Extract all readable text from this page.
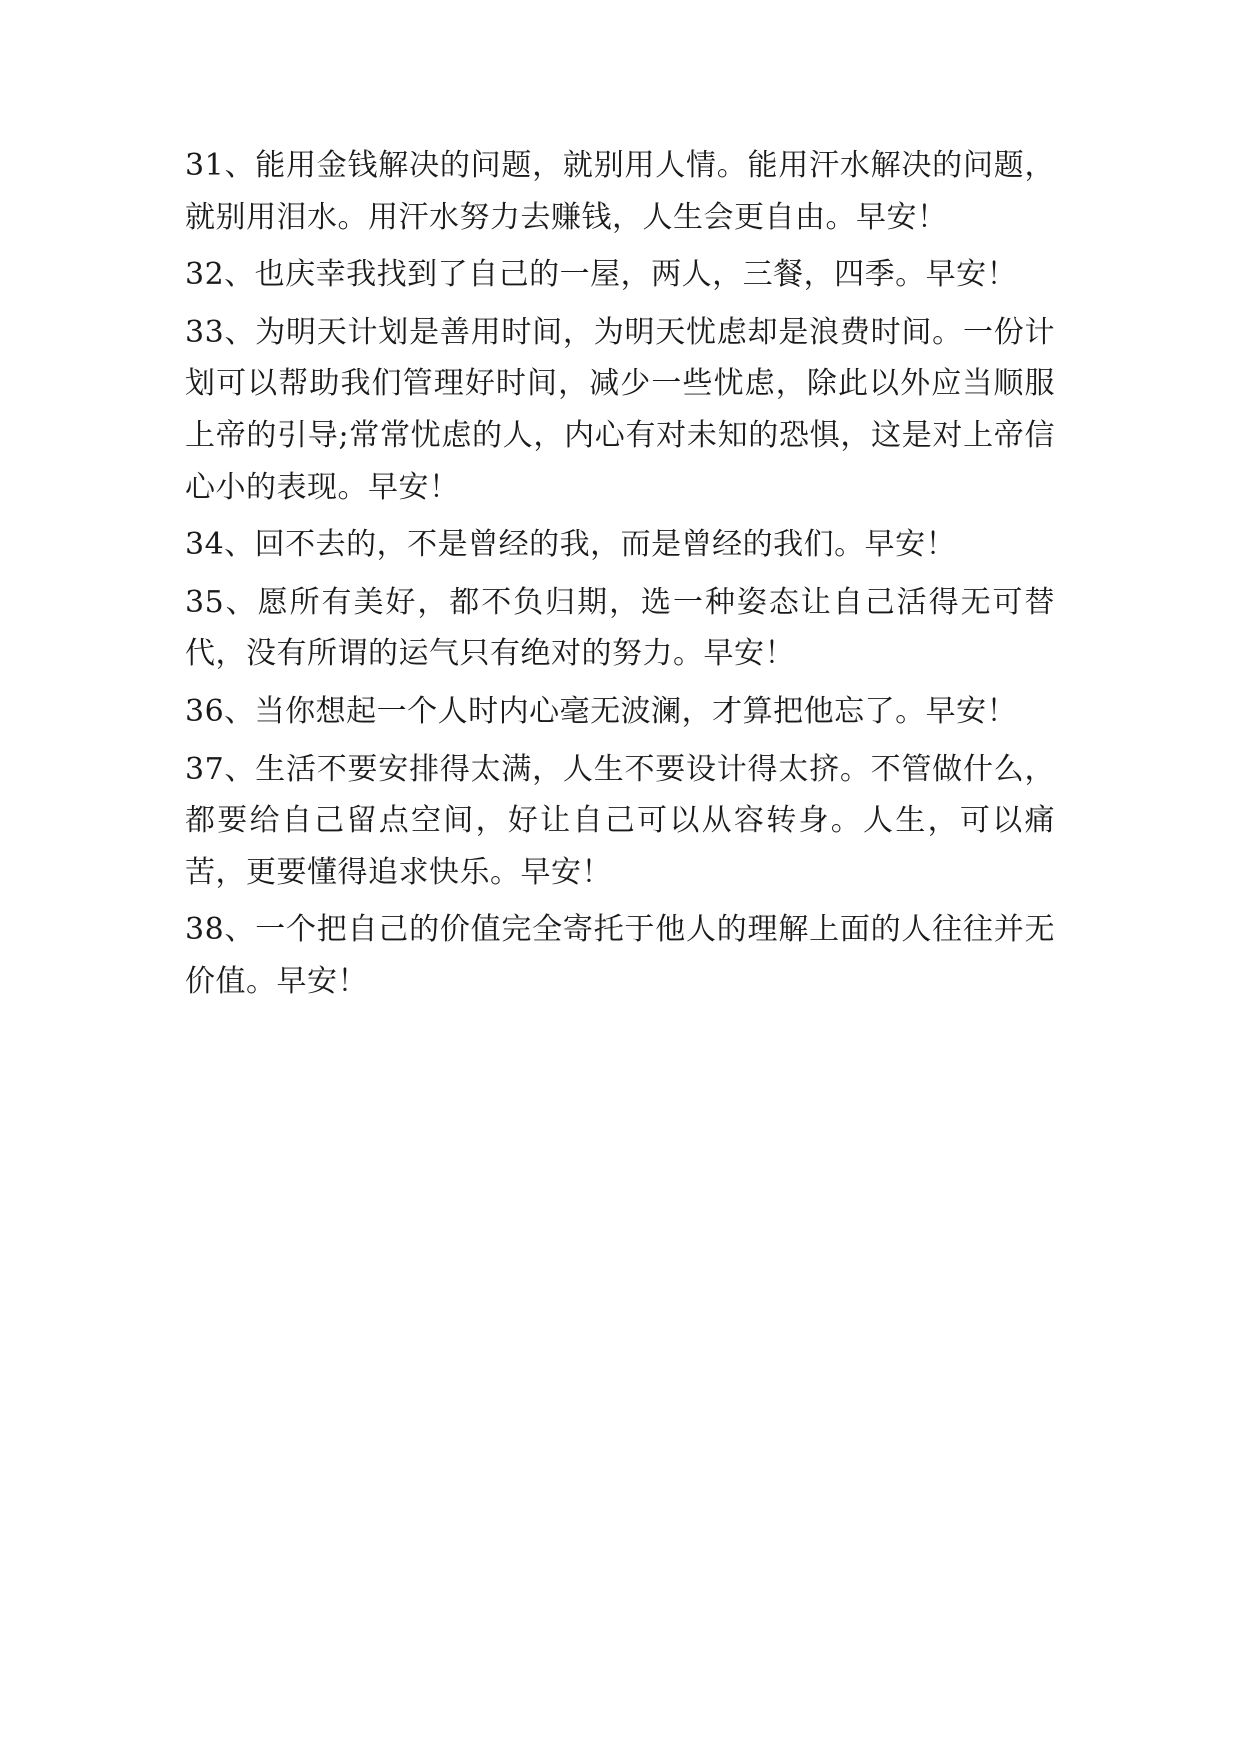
31、能用金钱解决的问题，就别用人情。能用汗水解决的问题，就别用泪水。用汗水努力去赚钱，人生会更自由。早安！

32、也庆幸我找到了自己的一屋，两人，三餐，四季。早安！

33、为明天计划是善用时间，为明天忧虑却是浪费时间。一份计划可以帮助我们管理好时间，减少一些忧虑，除此以外应当顺服上帝的引导;常常忧虑的人，内心有对未知的恐惧，这是对上帝信心小的表现。早安！

34、回不去的，不是曾经的我，而是曾经的我们。早安！

35、愿所有美好，都不负归期，选一种姿态让自己活得无可替代，没有所谓的运气只有绝对的努力。早安！

36、当你想起一个人时内心毫无波澜，才算把他忘了。早安！

37、生活不要安排得太满，人生不要设计得太挤。不管做什么，都要给自己留点空间，好让自己可以从容转身。人生，可以痛苦，更要懂得追求快乐。早安！

38、一个把自己的价值完全寄托于他人的理解上面的人往往并无价值。早安！
